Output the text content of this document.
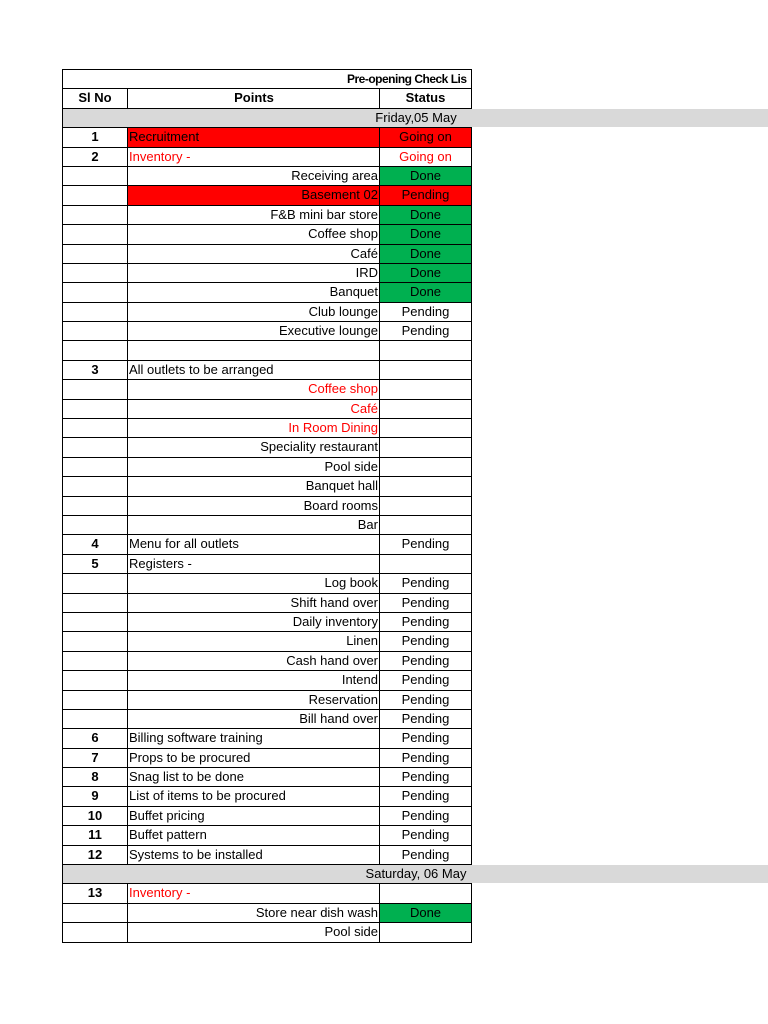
Pre-opening Check Lis
Sl No	Points	Status
Friday,05 May
1	Recruitment	Going on
2	Inventory -	Going on
Receiving area	Done
Basement 02	Pending
F&B mini bar store	Done
Coffee shop	Done
Café	Done
IRD	Done
Banquet	Done
Club lounge	Pending
Executive lounge	Pending
3	All outlets to be arranged
Coffee shop
Café
In Room Dining
Speciality restaurant
Pool side
Banquet hall
Board rooms
Bar
4	Menu for all outlets	Pending
5	Registers -
Log book	Pending
Shift hand over	Pending
Daily inventory	Pending
Linen	Pending
Cash hand over	Pending
Intend	Pending
Reservation	Pending
Bill hand over	Pending
6	Billing software training	Pending
7	Props to be procured	Pending
8	Snag list to be done	Pending
9	List of items to be procured	Pending
10	Buffet pricing	Pending
11	Buffet pattern	Pending
12	Systems to be installed	Pending
Saturday, 06 May
13	Inventory -
Store near dish wash	Done
Pool side
